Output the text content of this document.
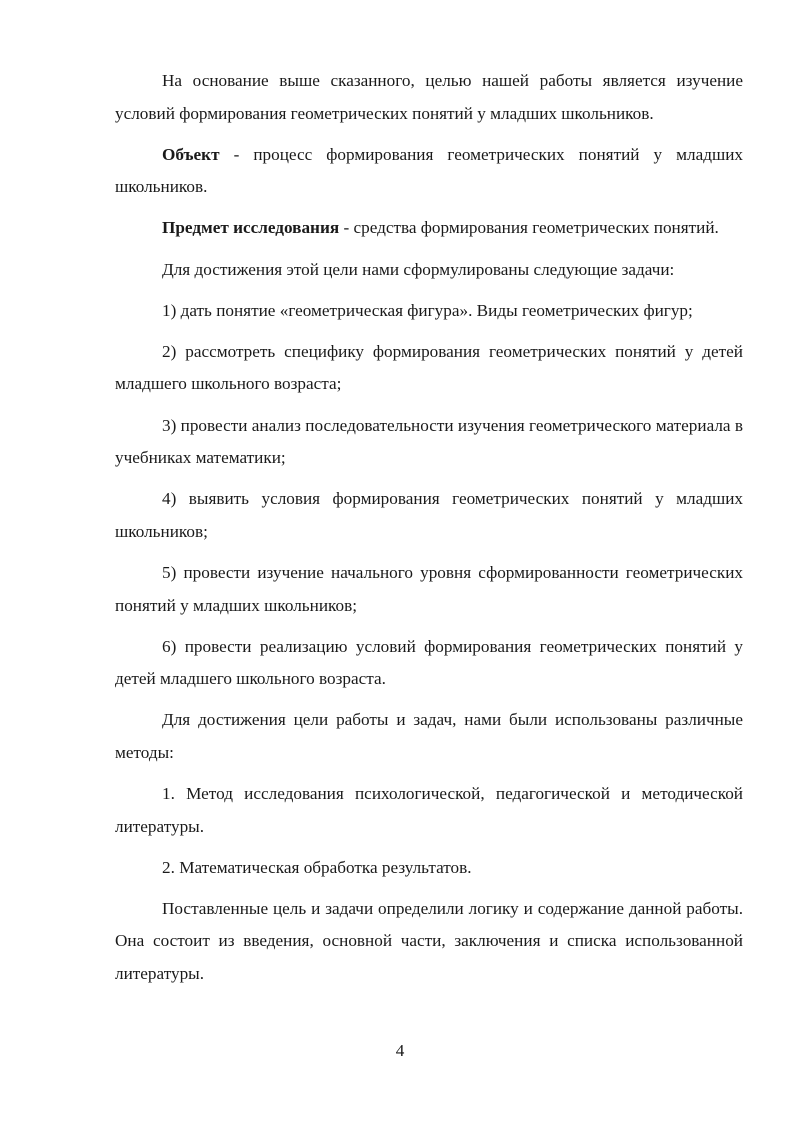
На основание выше сказанного, целью нашей работы является изучение условий формирования геометрических понятий у младших школьников.

Объект - процесс формирования геометрических понятий у младших школьников.

Предмет исследования - средства формирования геометрических понятий.

Для достижения этой цели нами сформулированы следующие задачи:

1) дать понятие «геометрическая фигура». Виды геометрических фигур;

2) рассмотреть специфику формирования геометрических понятий у детей младшего школьного возраста;

3) провести анализ последовательности изучения геометрического материала в учебниках математики;

4) выявить условия формирования геометрических понятий у младших школьников;

5) провести изучение начального уровня сформированности геометрических понятий у младших школьников;

6) провести реализацию условий формирования геометрических понятий у детей младшего школьного возраста.

Для достижения цели работы и задач, нами были использованы различные методы:

1. Метод исследования психологической, педагогической и методической литературы.

2. Математическая обработка результатов.

Поставленные цель и задачи определили логику и содержание данной работы. Она состоит из введения, основной части, заключения и списка использованной литературы.

4
